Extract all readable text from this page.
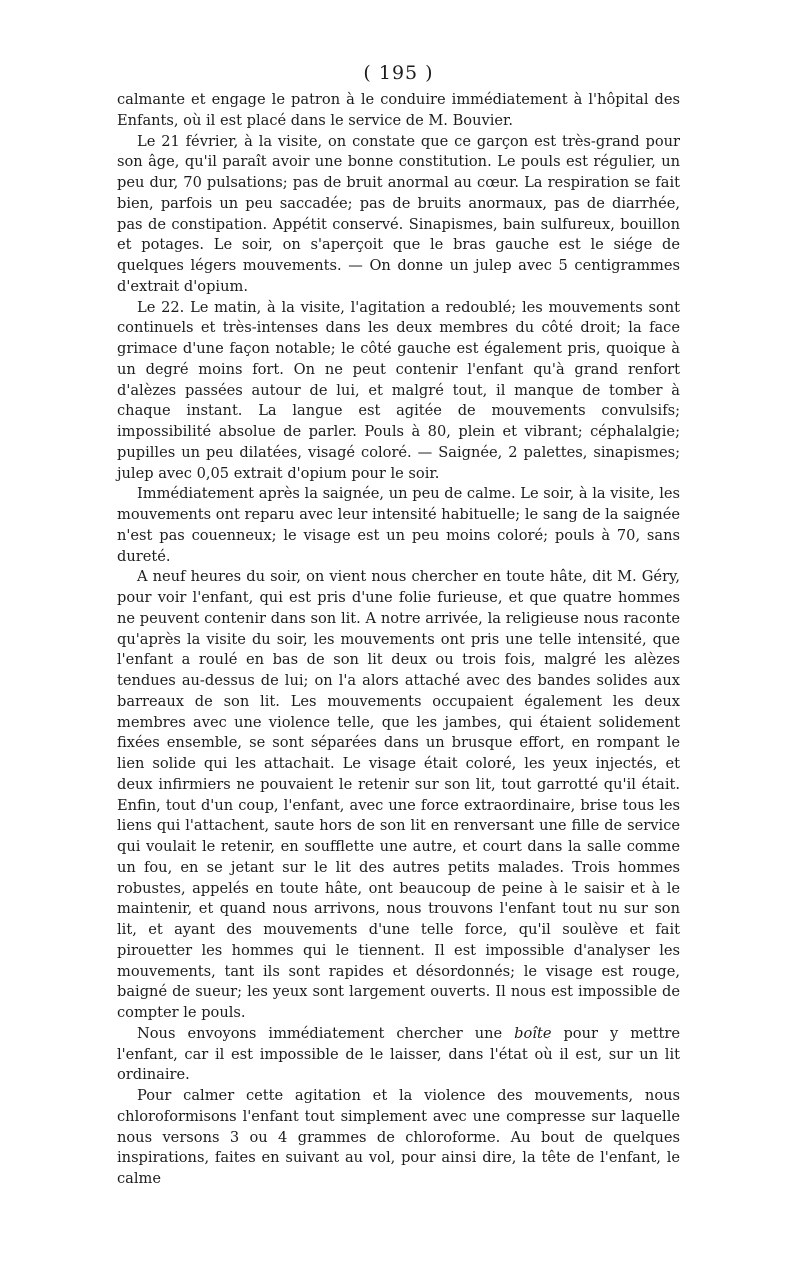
( 195 )

calmante et engage le patron à le conduire immédiatement à l'hôpital des Enfants, où il est placé dans le service de M. Bouvier.

Le 21 février, à la visite, on constate que ce garçon est très-grand pour son âge, qu'il paraît avoir une bonne constitution. Le pouls est régulier, un peu dur, 70 pulsations; pas de bruit anormal au cœur. La respiration se fait bien, parfois un peu saccadée; pas de bruits anormaux, pas de diarrhée, pas de constipation. Appétit conservé. Sinapismes, bain sulfureux, bouillon et potages. Le soir, on s'aperçoit que le bras gauche est le siége de quelques légers mouvements. — On donne un julep avec 5 centigrammes d'extrait d'opium.

Le 22. Le matin, à la visite, l'agitation a redoublé; les mouvements sont continuels et très-intenses dans les deux membres du côté droit; la face grimace d'une façon notable; le côté gauche est également pris, quoique à un degré moins fort. On ne peut contenir l'enfant qu'à grand renfort d'alèzes passées autour de lui, et malgré tout, il manque de tomber à chaque instant. La langue est agitée de mouvements convulsifs; impossibilité absolue de parler. Pouls à 80, plein et vibrant; céphalalgie; pupilles un peu dilatées, visagé coloré. — Saignée, 2 palettes, sinapismes; julep avec 0,05 extrait d'opium pour le soir.

Immédiatement après la saignée, un peu de calme. Le soir, à la visite, les mouvements ont reparu avec leur intensité habituelle; le sang de la saignée n'est pas couenneux; le visage est un peu moins coloré; pouls à 70, sans dureté.

A neuf heures du soir, on vient nous chercher en toute hâte, dit M. Géry, pour voir l'enfant, qui est pris d'une folie furieuse, et que quatre hommes ne peuvent contenir dans son lit. A notre arrivée, la religieuse nous raconte qu'après la visite du soir, les mouvements ont pris une telle intensité, que l'enfant a roulé en bas de son lit deux ou trois fois, malgré les alèzes tendues au-dessus de lui; on l'a alors attaché avec des bandes solides aux barreaux de son lit. Les mouvements occupaient également les deux membres avec une violence telle, que les jambes, qui étaient solidement fixées ensemble, se sont séparées dans un brusque effort, en rompant le lien solide qui les attachait. Le visage était coloré, les yeux injectés, et deux infirmiers ne pouvaient le retenir sur son lit, tout garrotté qu'il était. Enfin, tout d'un coup, l'enfant, avec une force extraordinaire, brise tous les liens qui l'attachent, saute hors de son lit en renversant une fille de service qui voulait le retenir, en soufflette une autre, et court dans la salle comme un fou, en se jetant sur le lit des autres petits malades. Trois hommes robustes, appelés en toute hâte, ont beaucoup de peine à le saisir et à le maintenir, et quand nous arrivons, nous trouvons l'enfant tout nu sur son lit, et ayant des mouvements d'une telle force, qu'il soulève et fait pirouetter les hommes qui le tiennent. Il est impossible d'analyser les mouvements, tant ils sont rapides et désordonnés; le visage est rouge, baigné de sueur; les yeux sont largement ouverts. Il nous est impossible de compter le pouls.

Nous envoyons immédiatement chercher une boîte pour y mettre l'enfant, car il est impossible de le laisser, dans l'état où il est, sur un lit ordinaire.

Pour calmer cette agitation et la violence des mouvements, nous chloroformisons l'enfant tout simplement avec une compresse sur laquelle nous versons 3 ou 4 grammes de chloroforme. Au bout de quelques inspirations, faites en suivant au vol, pour ainsi dire, la tête de l'enfant, le calme
